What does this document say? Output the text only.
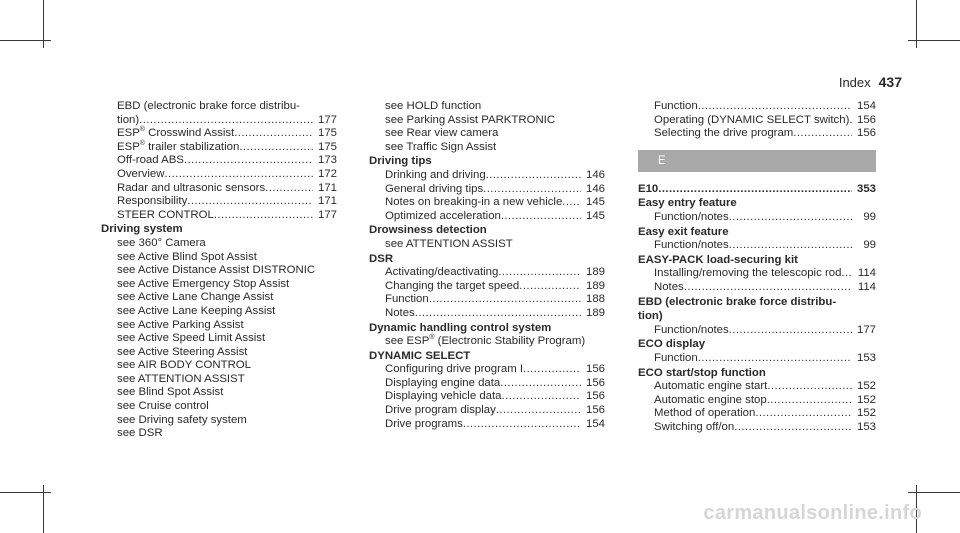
Index 437
EBD (electronic brake force distribu-
tion) .....	177
ESP® Crosswind Assist .....	175
ESP® trailer stabilization .....	175
Off-road ABS .....	173
Overview .....	172
Radar and ultrasonic sensors .....	171
Responsibility .....	171
STEER CONTROL .....	177
Driving system
see 360° Camera
see Active Blind Spot Assist
see Active Distance Assist DISTRONIC
see Active Emergency Stop Assist
see Active Lane Change Assist
see Active Lane Keeping Assist
see Active Parking Assist
see Active Speed Limit Assist
see Active Steering Assist
see AIR BODY CONTROL
see ATTENTION ASSIST
see Blind Spot Assist
see Cruise control
see Driving safety system
see DSR
see HOLD function
see Parking Assist PARKTRONIC
see Rear view camera
see Traffic Sign Assist
Driving tips
Drinking and driving .....	146
General driving tips .....	146
Notes on breaking-in a new vehicle .....	145
Optimized acceleration .....	145
Drowsiness detection
see ATTENTION ASSIST
DSR
Activating/deactivating .....	189
Changing the target speed .....	189
Function .....	188
Notes .....	189
Dynamic handling control system
see ESP® (Electronic Stability Program)
DYNAMIC SELECT
Configuring drive program I .....	156
Displaying engine data .....	156
Displaying vehicle data .....	156
Drive program display .....	156
Drive programs .....	154
Function .....	154
Operating (DYNAMIC SELECT switch) ..... 156
Selecting the drive program .....	156
E
E10 .....	353
Easy entry feature
Function/notes .....	99
Easy exit feature
Function/notes .....	99
EASY-PACK load-securing kit
Installing/removing the telescopic rod .....	114
Notes .....	114
EBD (electronic brake force distribu-
tion)
Function/notes .....	177
ECO display
Function .....	153
ECO start/stop function
Automatic engine start .....	152
Automatic engine stop .....	152
Method of operation .....	152
Switching off/on .....	153
carmanualsonline.info
